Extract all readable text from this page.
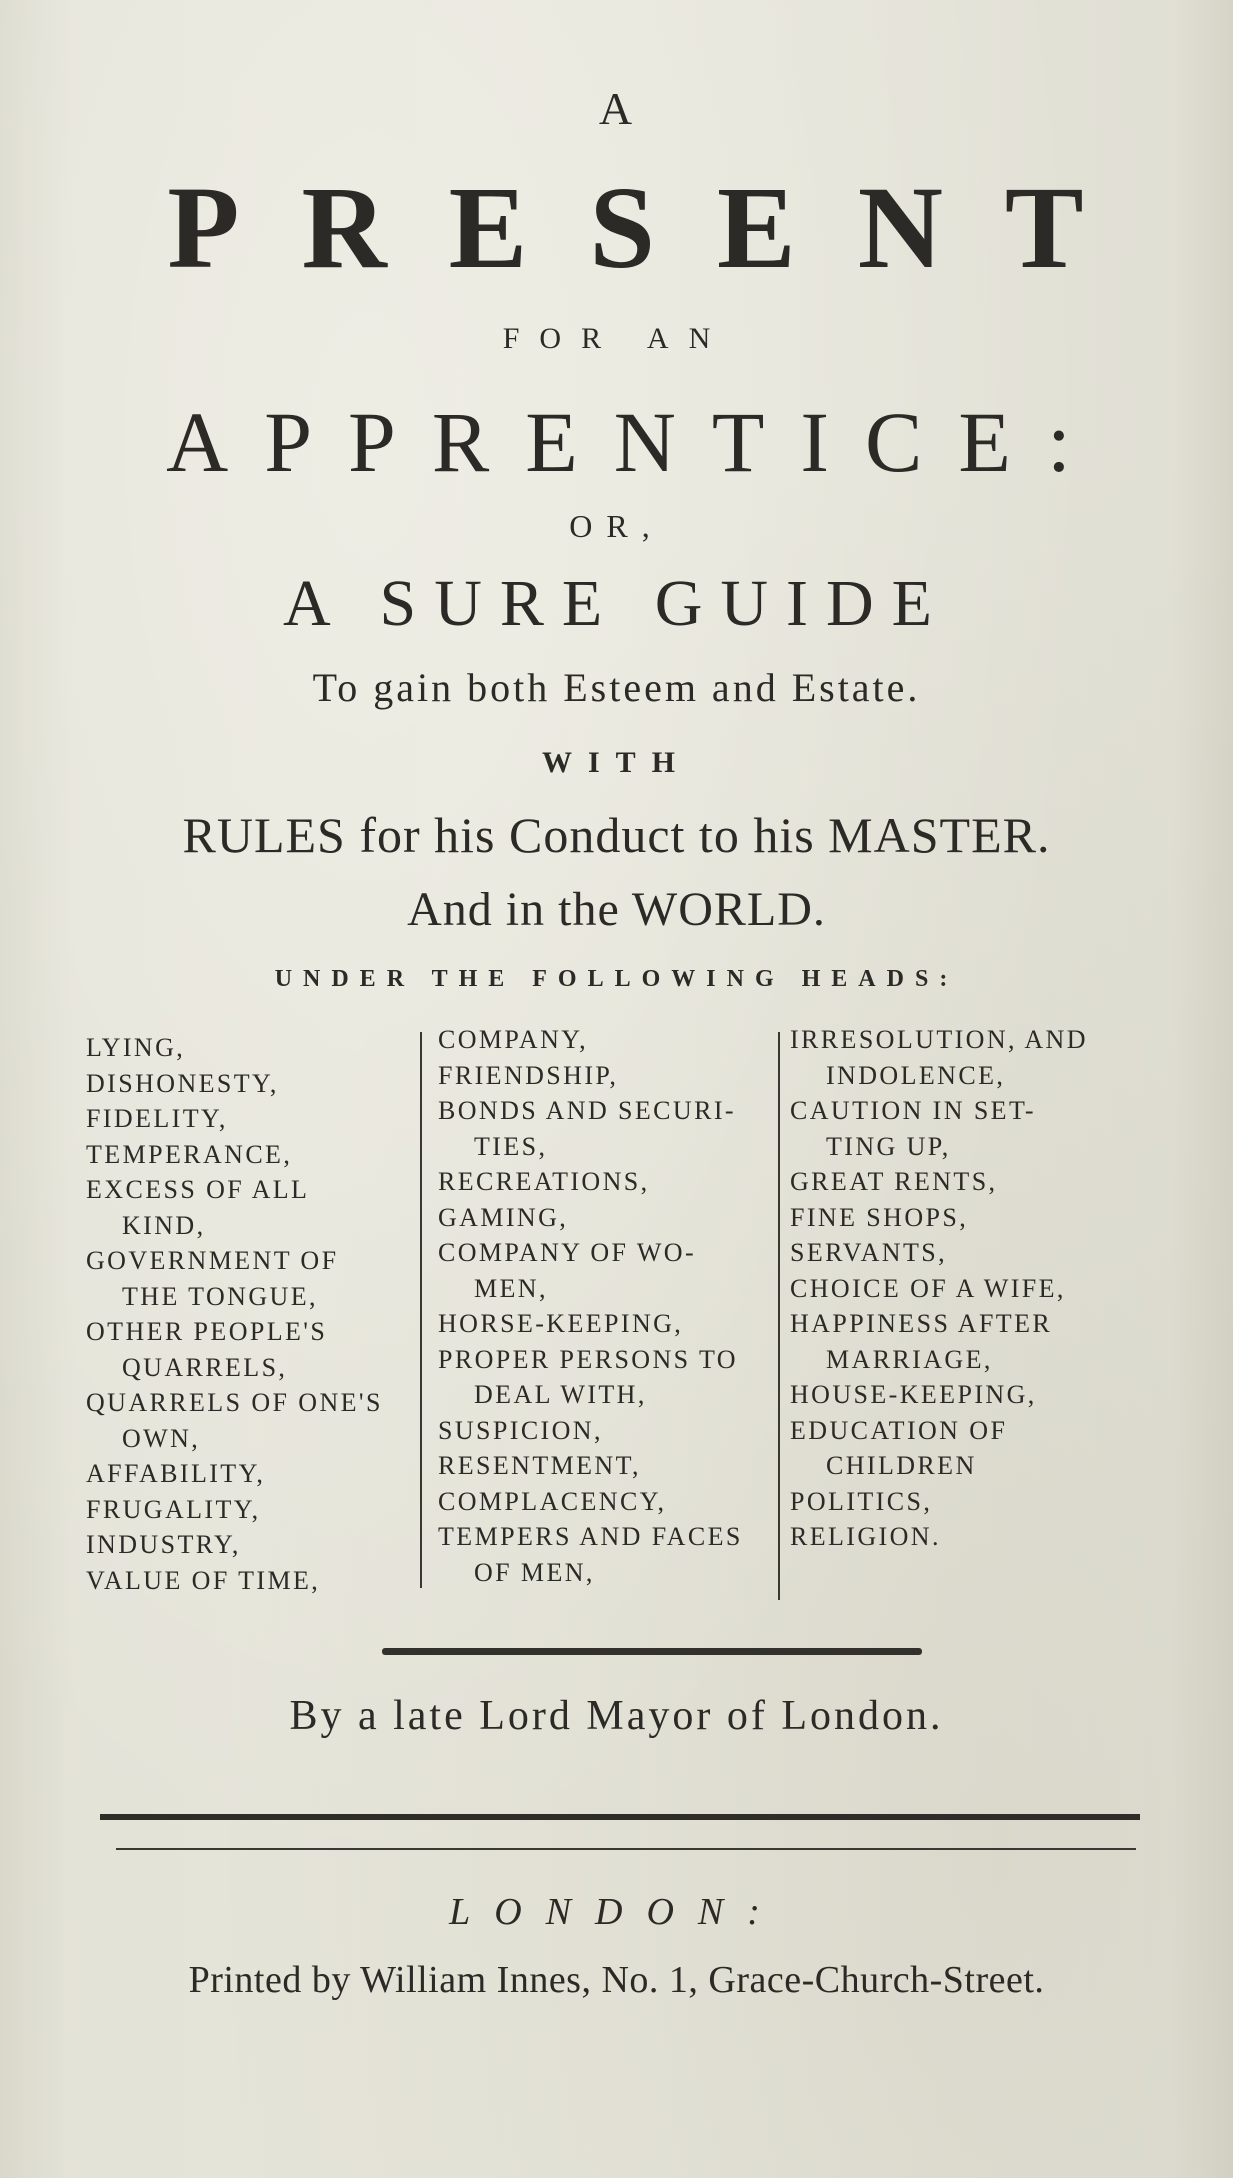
A
PRESENT
FOR AN
APPRENTICE:
OR,
A SURE GUIDE
To gain both Esteem and Estate.
WITH
RULES for his Conduct to his MASTER.
And in the WORLD.
UNDER THE FOLLOWING HEADS:
LYING,
DISHONESTY,
FIDELITY,
TEMPERANCE,
EXCESS OF ALL
KIND,
GOVERNMENT OF
THE TONGUE,
OTHER PEOPLE'S
QUARRELS,
QUARRELS OF ONE'S
OWN,
AFFABILITY,
FRUGALITY,
INDUSTRY,
VALUE OF TIME,
COMPANY,
FRIENDSHIP,
BONDS AND SECURI-
TIES,
RECREATIONS,
GAMING,
COMPANY OF WO-
MEN,
HORSE-KEEPING,
PROPER PERSONS TO
DEAL WITH,
SUSPICION,
RESENTMENT,
COMPLACENCY,
TEMPERS AND FACES
OF MEN,
IRRESOLUTION, AND
INDOLENCE,
CAUTION IN SET-
TING UP,
GREAT RENTS,
FINE SHOPS,
SERVANTS,
CHOICE OF A WIFE,
HAPPINESS AFTER
MARRIAGE,
HOUSE-KEEPING,
EDUCATION OF
CHILDREN
POLITICS,
RELIGION.
By a late Lord Mayor of London.
LONDON:
Printed by William Innes, No. 1, Grace-Church-Street.
